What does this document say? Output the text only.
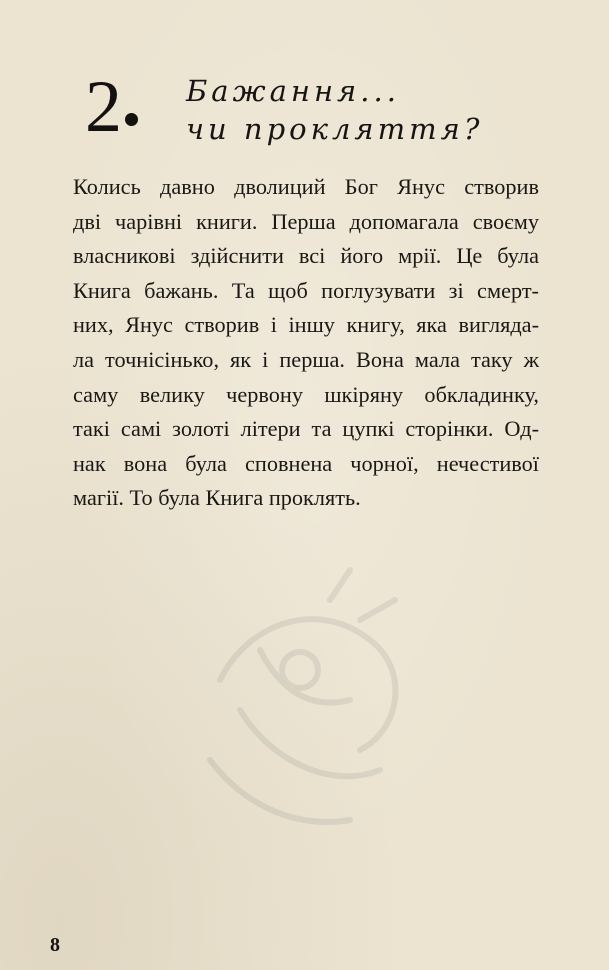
2 Бажання...
чи прокляття?
Колись давно дволиций Бог Янус створив
дві чарівні книги. Перша допомагала своєму
власникові здійснити всі його мрії. Це була
Книга бажань. Та щоб поглузувати зі смерт-
них, Янус створив і іншу книгу, яка вигляда-
ла точнісінько, як і перша. Вона мала таку ж
саму велику червону шкіряну обкладинку,
такі самі золоті літери та цупкі сторінки. Од-
нак вона була сповнена чорної, нечестивої
магії. То була Книга проклять.
8
